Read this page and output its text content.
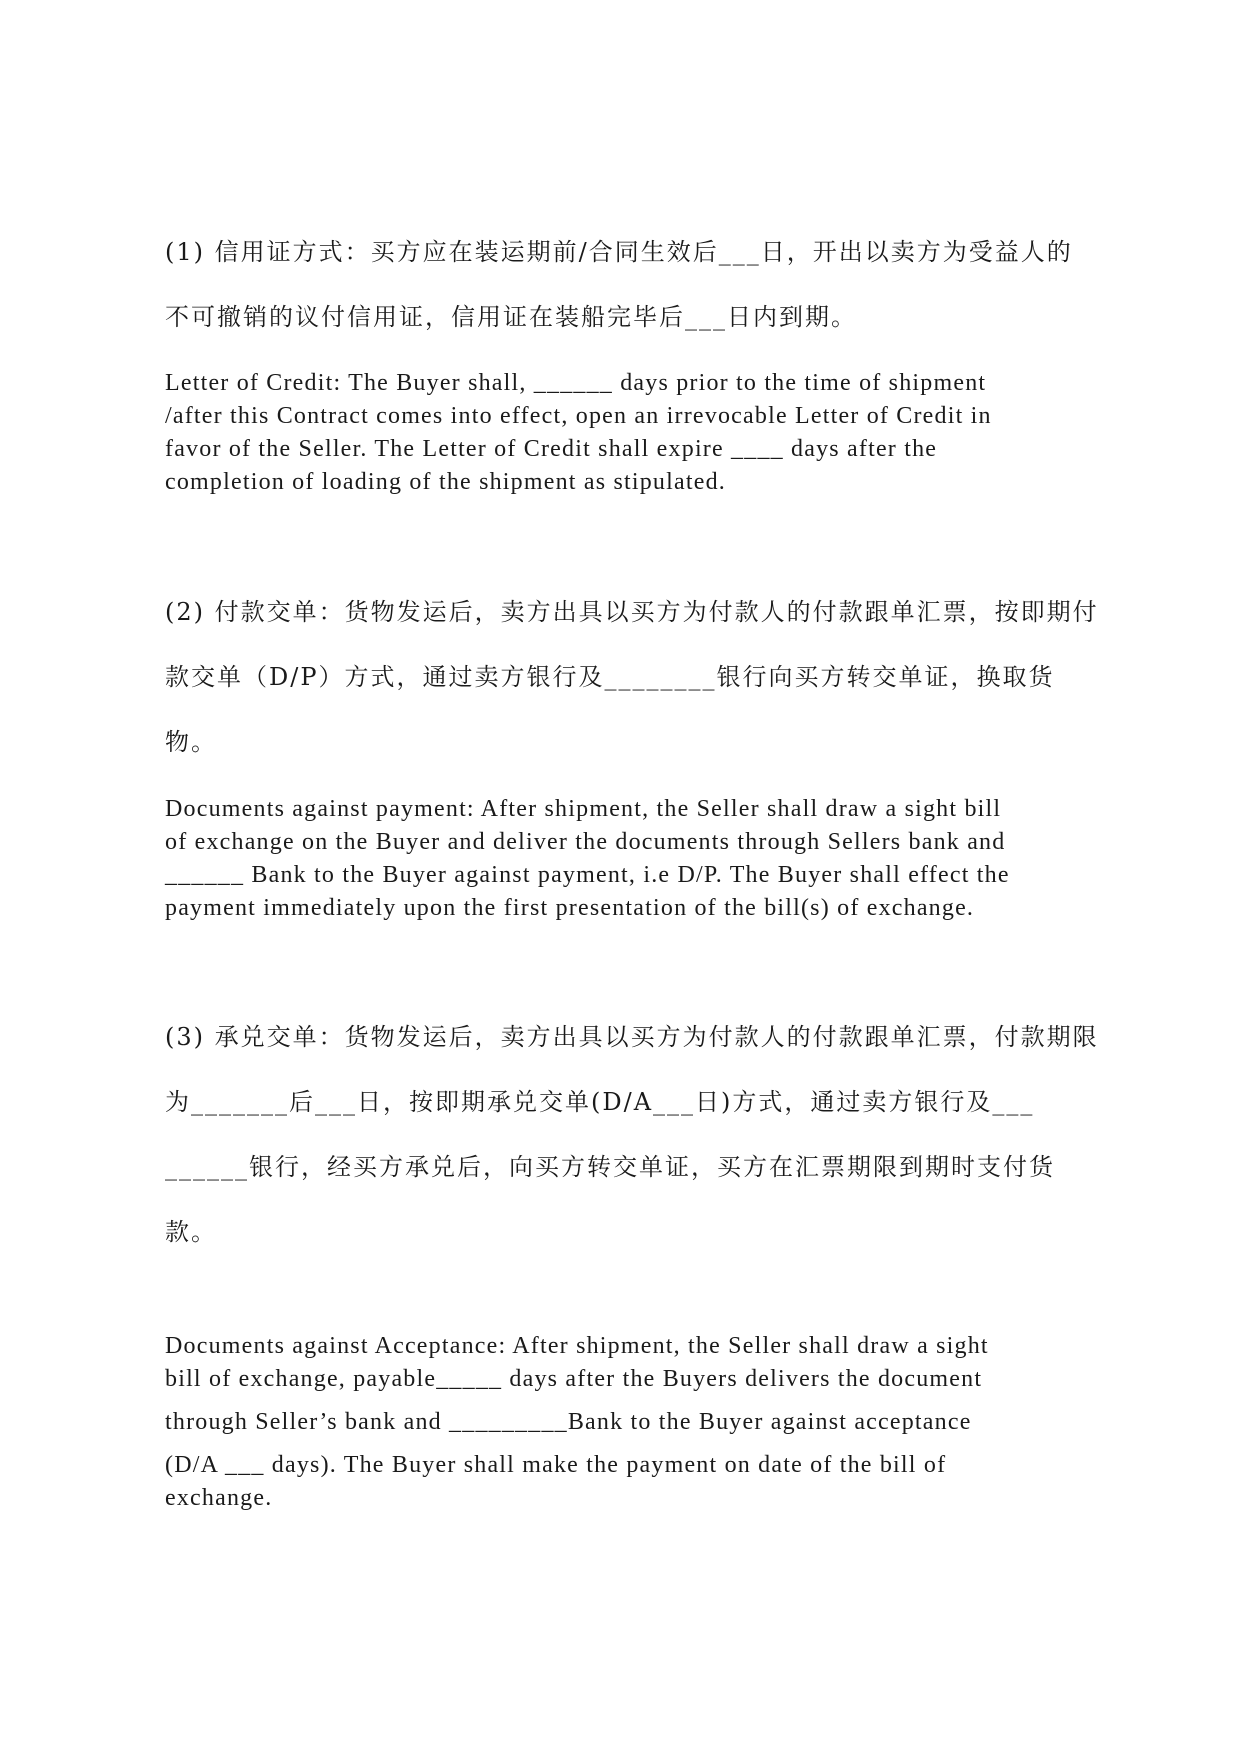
(1) 信用证方式：买方应在装运期前/合同生效后___日，开出以卖方为受益人的
不可撤销的议付信用证，信用证在装船完毕后___日内到期。
Letter of Credit: The Buyer shall, ______ days prior to the time of shipment
/after this Contract comes into effect, open an irrevocable Letter of Credit in
favor of the Seller. The Letter of Credit shall expire ____ days after the
completion of loading of the shipment as stipulated.
(2) 付款交单：货物发运后，卖方出具以买方为付款人的付款跟单汇票，按即期付
款交单（D/P）方式，通过卖方银行及________银行向买方转交单证，换取货
物。
Documents against payment: After shipment, the Seller shall draw a sight bill
of exchange on the Buyer and deliver the documents through Sellers bank and
______ Bank to the Buyer against payment, i.e D/P. The Buyer shall effect the
payment immediately upon the first presentation of the bill(s) of exchange.
(3) 承兑交单：货物发运后，卖方出具以买方为付款人的付款跟单汇票，付款期限
为_______后___日，按即期承兑交单(D/A___日)方式，通过卖方银行及___
______银行，经买方承兑后，向买方转交单证，买方在汇票期限到期时支付货
款。
Documents against Acceptance: After shipment, the Seller shall draw a sight
bill of exchange, payable_____ days after the Buyers delivers the document
through Seller’s bank and _________Bank to the Buyer against acceptance
(D/A ___ days). The Buyer shall make the payment on date of the bill of
exchange.
